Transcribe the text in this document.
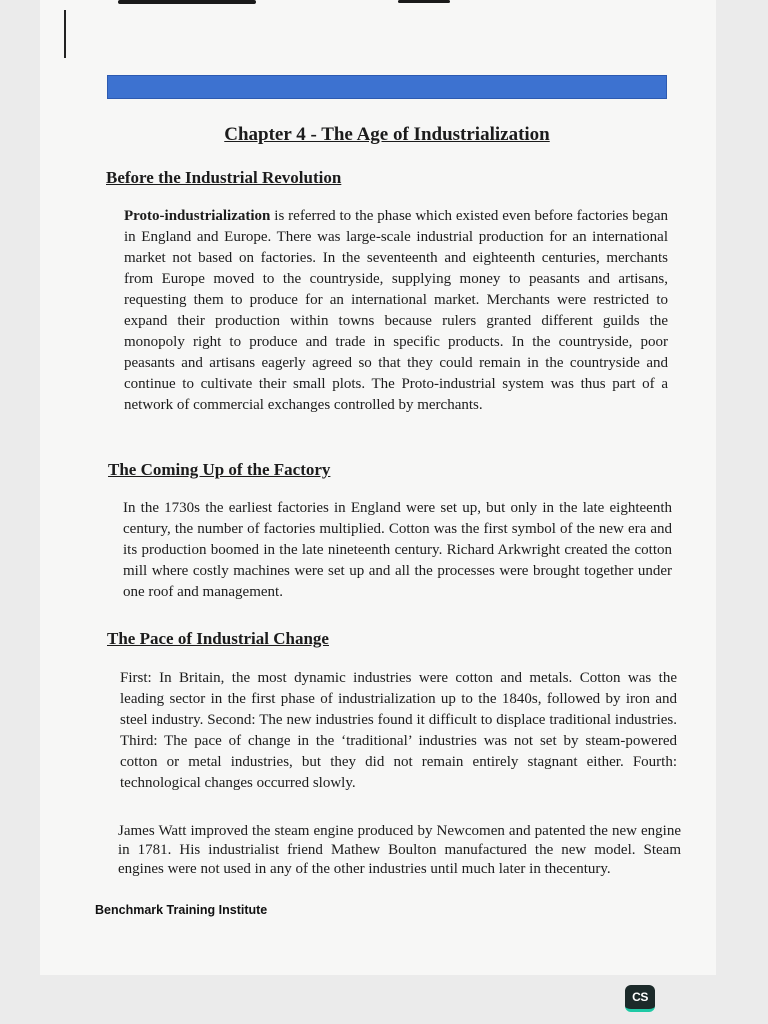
Chapter 4 - The Age of Industrialization
Before the Industrial Revolution

Proto-industrialization is referred to the phase which existed even before factories began in England and Europe. There was large-scale industrial production for an international market not based on factories. In the seventeenth and eighteenth centuries, merchants from Europe moved to the countryside, supplying money to peasants and artisans, requesting them to produce for an international market. Merchants were restricted to expand their production within towns because rulers granted different guilds the monopoly right to produce and trade in specific products. In the countryside, poor peasants and artisans eagerly agreed so that they could remain in the countryside and continue to cultivate their small plots. The Proto-industrial system was thus part of a network of commercial exchanges controlled by merchants.

The Coming Up of the Factory

In the 1730s the earliest factories in England were set up, but only in the late eighteenth century, the number of factories multiplied. Cotton was the first symbol of the new era and its production boomed in the late nineteenth century. Richard Arkwright created the cotton mill where costly machines were set up and all the processes were brought together under one roof and management.

The Pace of Industrial Change

First: In Britain, the most dynamic industries were cotton and metals. Cotton was the leading sector in the first phase of industrialization up to the 1840s, followed by iron and steel industry. Second: The new industries found it difficult to displace traditional industries. Third: The pace of change in the ‘traditional’ industries was not set by steam-powered cotton or metal industries, but they did not remain entirely stagnant either. Fourth: technological changes occurred slowly.

James Watt improved the steam engine produced by Newcomen and patented the new engine in 1781. His industrialist friend Mathew Boulton manufactured the new model. Steam engines were not used in any of the other industries until much later in thecentury.

Benchmark Training Institute
CS
